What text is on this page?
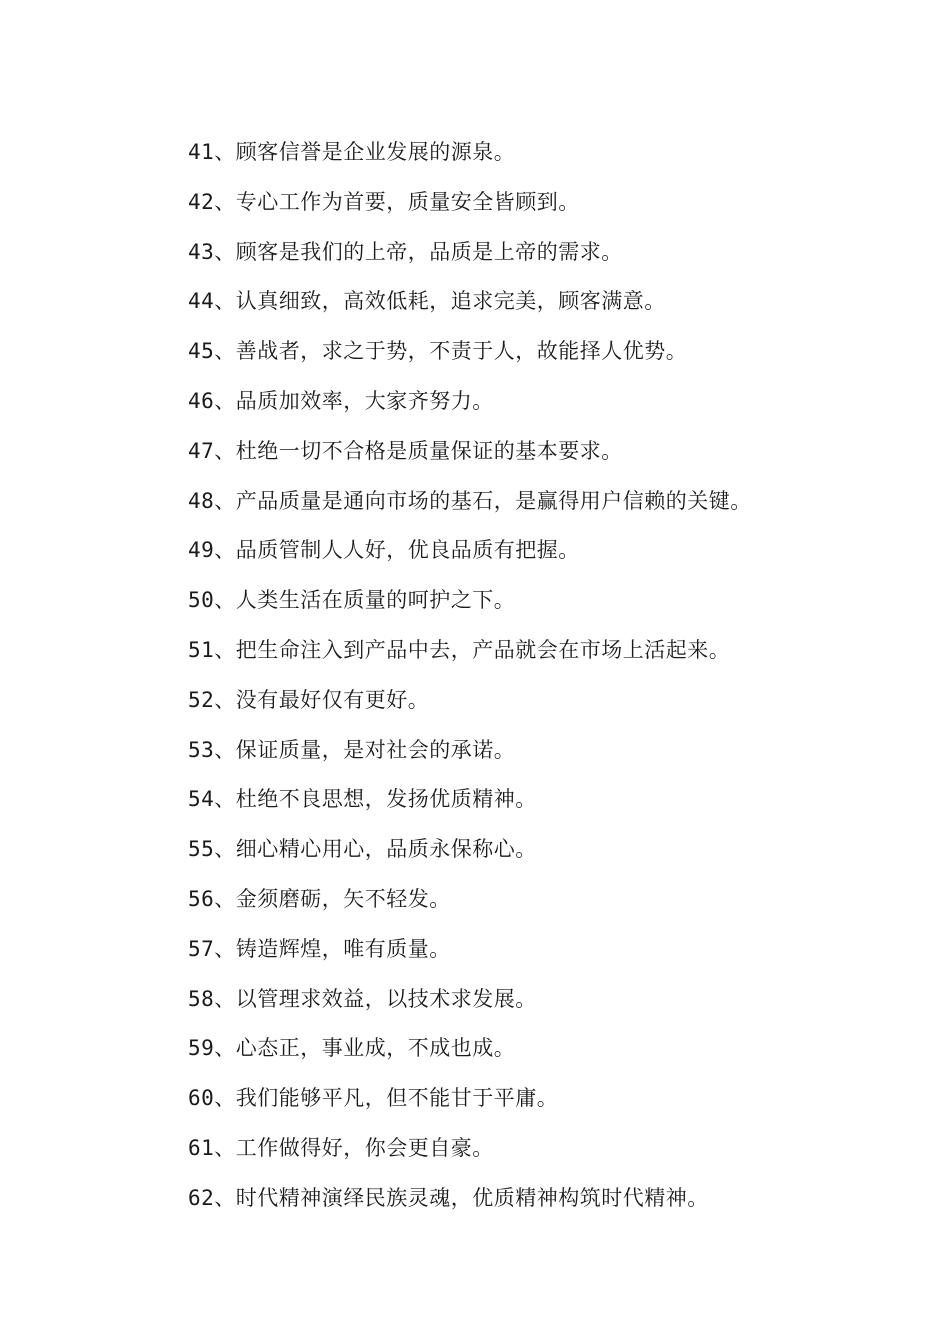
41、顾客信誉是企业发展的源泉。
42、专心工作为首要，质量安全皆顾到。
43、顾客是我们的上帝，品质是上帝的需求。
44、认真细致，高效低耗，追求完美，顾客满意。
45、善战者，求之于势，不责于人，故能择人优势。
46、品质加效率，大家齐努力。
47、杜绝一切不合格是质量保证的基本要求。
48、产品质量是通向市场的基石，是赢得用户信赖的关键。
49、品质管制人人好，优良品质有把握。
50、人类生活在质量的呵护之下。
51、把生命注入到产品中去，产品就会在市场上活起来。
52、没有最好仅有更好。
53、保证质量，是对社会的承诺。
54、杜绝不良思想，发扬优质精神。
55、细心精心用心，品质永保称心。
56、金须磨砺，矢不轻发。
57、铸造辉煌，唯有质量。
58、以管理求效益，以技术求发展。
59、心态正，事业成，不成也成。
60、我们能够平凡，但不能甘于平庸。
61、工作做得好，你会更自豪。
62、时代精神演绎民族灵魂，优质精神构筑时代精神。
